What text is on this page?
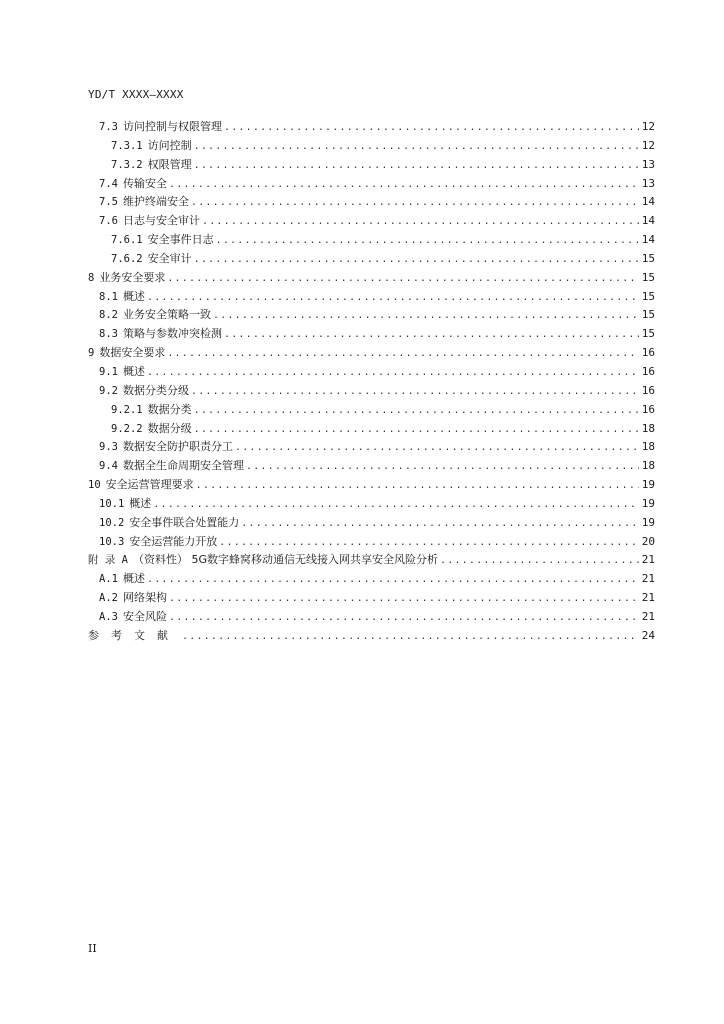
YD/T XXXX—XXXX
7.3 访问控制与权限管理 .....	12
7.3.1 访问控制 .....	12
7.3.2 权限管理 .....	13
7.4 传输安全 .....	13
7.5 维护终端安全 .....	14
7.6 日志与安全审计 .....	14
7.6.1 安全事件日志 .....	14
7.6.2 安全审计 .....	15
8 业务安全要求 .....	15
8.1 概述 .....	15
8.2 业务安全策略一致 .....	15
8.3 策略与参数冲突检测 .....	15
9 数据安全要求 .....	16
9.1 概述 .....	16
9.2 数据分类分级 .....	16
9.2.1 数据分类 .....	16
9.2.2 数据分级 .....	18
9.3 数据安全防护职责分工 .....	18
9.4 数据全生命周期安全管理 .....	18
10 安全运营管理要求 .....	19
10.1 概述 .....	19
10.2 安全事件联合处置能力 .....	19
10.3 安全运营能力开放 .....	20
附 录 A （资料性） 5G数字蜂窝移动通信无线接入网共享安全风险分析 .....	21
A.1 概述 .....	21
A.2 网络架构 .....	21
A.3 安全风险 .....	21
参考文献 .....	24
II
